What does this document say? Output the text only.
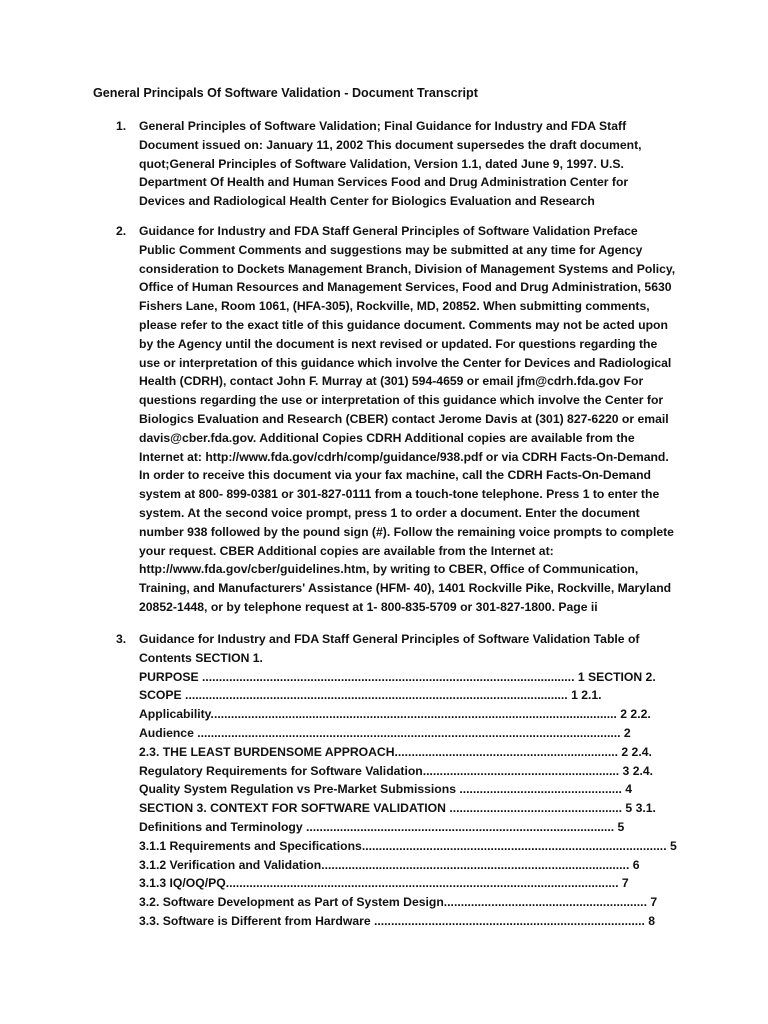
General Principals Of Software Validation - Document Transcript
1. General Principles of Software Validation; Final Guidance for Industry and FDA Staff Document issued on: January 11, 2002 This document supersedes the draft document, quot;General Principles of Software Validation, Version 1.1, dated June 9, 1997. U.S. Department Of Health and Human Services Food and Drug Administration Center for Devices and Radiological Health Center for Biologics Evaluation and Research

2. Guidance for Industry and FDA Staff General Principles of Software Validation Preface Public Comment Comments and suggestions may be submitted at any time for Agency consideration to Dockets Management Branch, Division of Management Systems and Policy, Office of Human Resources and Management Services, Food and Drug Administration, 5630 Fishers Lane, Room 1061, (HFA-305), Rockville, MD, 20852. When submitting comments, please refer to the exact title of this guidance document. Comments may not be acted upon by the Agency until the document is next revised or updated. For questions regarding the use or interpretation of this guidance which involve the Center for Devices and Radiological Health (CDRH), contact John F. Murray at (301) 594-4659 or email jfm@cdrh.fda.gov For questions regarding the use or interpretation of this guidance which involve the Center for Biologics Evaluation and Research (CBER) contact Jerome Davis at (301) 827-6220 or email davis@cber.fda.gov. Additional Copies CDRH Additional copies are available from the Internet at: http://www.fda.gov/cdrh/comp/guidance/938.pdf or via CDRH Facts-On-Demand. In order to receive this document via your fax machine, call the CDRH Facts-On-Demand system at 800- 899-0381 or 301-827-0111 from a touch-tone telephone. Press 1 to enter the system. At the second voice prompt, press 1 to order a document. Enter the document number 938 followed by the pound sign (#). Follow the remaining voice prompts to complete your request. CBER Additional copies are available from the Internet at: http://www.fda.gov/cber/guidelines.htm, by writing to CBER, Office of Communication, Training, and Manufacturers' Assistance (HFM- 40), 1401 Rockville Pike, Rockville, Maryland 20852-1448, or by telephone request at 1- 800-835-5709 or 301-827-1800. Page ii

3. Guidance for Industry and FDA Staff General Principles of Software Validation Table of Contents SECTION 1.

PURPOSE .............................................................................................................. 1 SECTION 2.
SCOPE ................................................................................................................. 1 2.1.
Applicability........................................................................................................................ 2 2.2.
Audience ............................................................................................................................. 2
2.3. THE LEAST BURDENSOME APPROACH.................................................................. 2 2.4.
Regulatory Requirements for Software Validation.......................................................... 3 2.4.
Quality System Regulation vs Pre-Market Submissions ................................................ 4
SECTION 3. CONTEXT FOR SOFTWARE VALIDATION ................................................... 5 3.1.
Definitions and Terminology ........................................................................................... 5
3.1.1 Requirements and Specifications.......................................................................................... 5
3.1.2 Verification and Validation........................................................................................... 6
3.1.3 IQ/OQ/PQ.................................................................................................................... 7
3.2. Software Development as Part of System Design............................................................ 7
3.3. Software is Different from Hardware ................................................................................ 8
